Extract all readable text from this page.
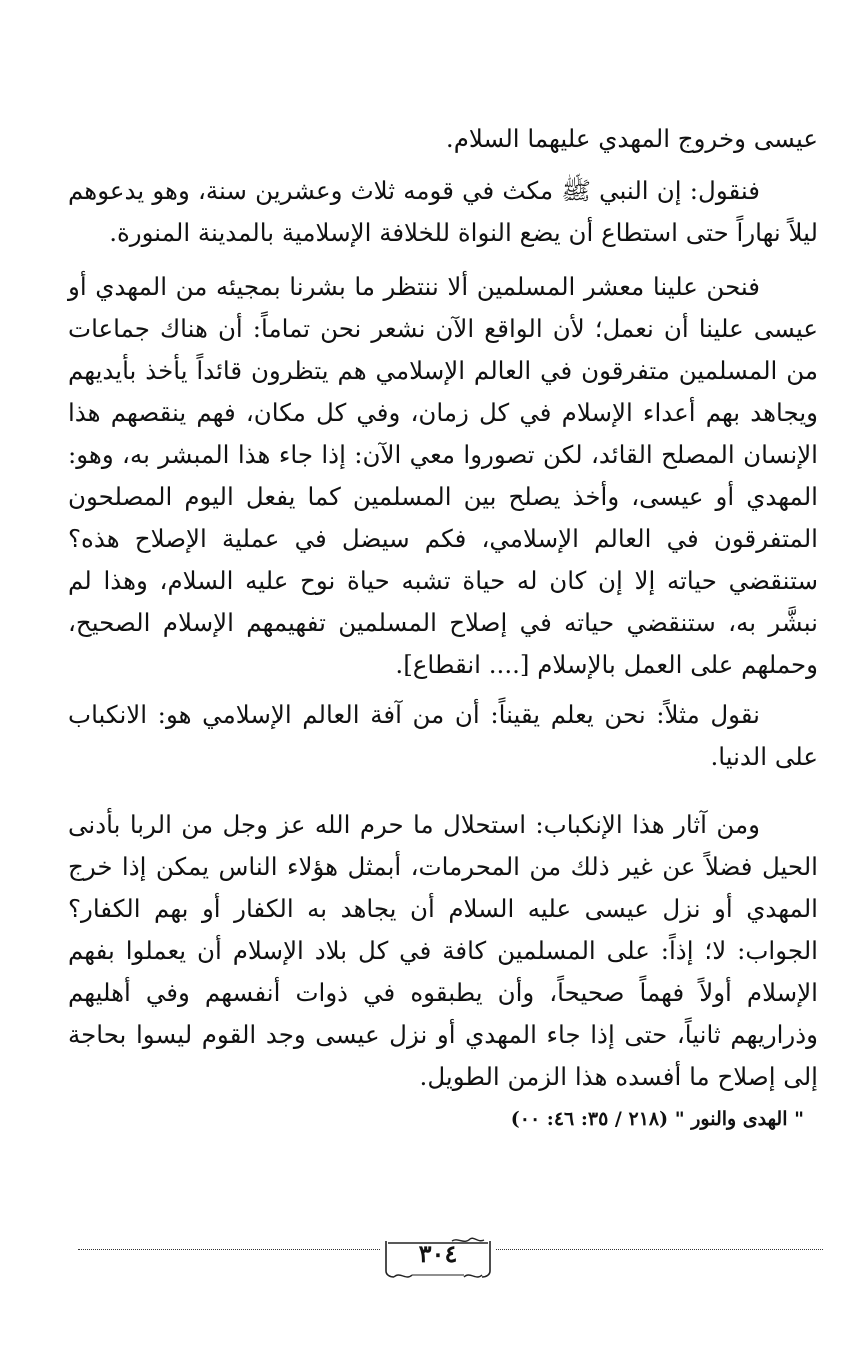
عيسى وخروج المهدي عليهما السلام.

فنقول: إن النبي ﷺ مكث في قومه ثلاث وعشرين سنة، وهو يدعوهم ليلاً نهاراً حتى استطاع أن يضع النواة للخلافة الإسلامية بالمدينة المنورة.

فنحن علينا معشر المسلمين ألا ننتظر ما بشرنا بمجيئه من المهدي أو عيسى علينا أن نعمل؛ لأن الواقع الآن نشعر نحن تماماً: أن هناك جماعات من المسلمين متفرقون في العالم الإسلامي هم يتظرون قائداً يأخذ بأيديهم ويجاهد بهم أعداء الإسلام في كل زمان، وفي كل مكان، فهم ينقصهم هذا الإنسان المصلح القائد، لكن تصوروا معي الآن: إذا جاء هذا المبشر به، وهو: المهدي أو عيسى، وأخذ يصلح بين المسلمين كما يفعل اليوم المصلحون المتفرقون في العالم الإسلامي، فكم سيضل في عملية الإصلاح هذه؟ ستنقضي حياته إلا إن كان له حياة تشبه حياة نوح عليه السلام، وهذا لم نبشَّر به، ستنقضي حياته في إصلاح المسلمين تفهيمهم الإسلام الصحيح، وحملهم على العمل بالإسلام [.... انقطاع].

نقول مثلاً: نحن يعلم يقيناً: أن من آفة العالم الإسلامي هو: الانكباب على الدنيا.

ومن آثار هذا الإنكباب: استحلال ما حرم الله عز وجل من الربا بأدنى الحيل فضلاً عن غير ذلك من المحرمات، أبمثل هؤلاء الناس يمكن إذا خرج المهدي أو نزل عيسى عليه السلام أن يجاهد به الكفار أو بهم الكفار؟ الجواب: لا؛ إذاً: على المسلمين كافة في كل بلاد الإسلام أن يعملوا بفهم الإسلام أولاً فهماً صحيحاً، وأن يطبقوه في ذوات أنفسهم وفي أهليهم وذراريهم ثانياً، حتى إذا جاء المهدي أو نزل عيسى وجد القوم ليسوا بحاجة إلى إصلاح ما أفسده هذا الزمن الطويل.

" الهدى والنور " (٢١٨ / ٣٥: ٤٦: ٠٠)

٣٠٤
